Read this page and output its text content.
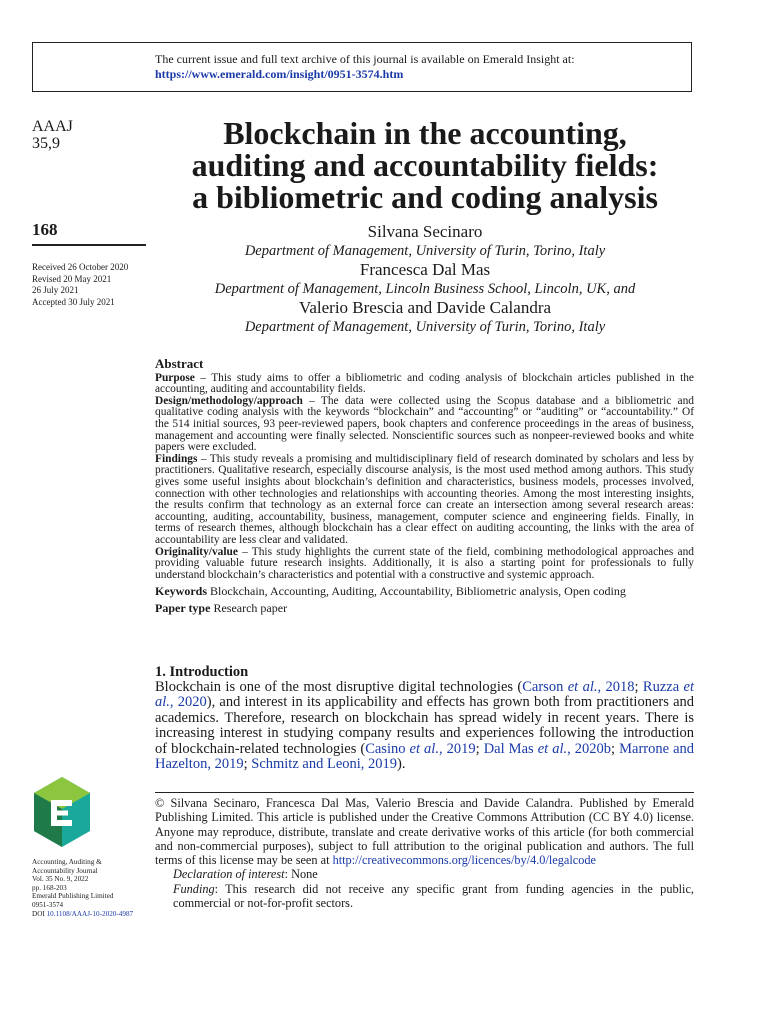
The current issue and full text archive of this journal is available on Emerald Insight at:
https://www.emerald.com/insight/0951-3574.htm
AAAJ
35,9
168
Received 26 October 2020
Revised 20 May 2021
26 July 2021
Accepted 30 July 2021
Blockchain in the accounting,
auditing and accountability fields:
a bibliometric and coding analysis
Silvana Secinaro
Department of Management, University of Turin, Torino, Italy
Francesca Dal Mas
Department of Management, Lincoln Business School, Lincoln, UK, and
Valerio Brescia and Davide Calandra
Department of Management, University of Turin, Torino, Italy
Abstract

Purpose – This study aims to offer a bibliometric and coding analysis of blockchain articles published in the accounting, auditing and accountability fields.

Design/methodology/approach – The data were collected using the Scopus database and a bibliometric and qualitative coding analysis with the keywords “blockchain” and “accounting” or “auditing” or “accountability.” Of the 514 initial sources, 93 peer-reviewed papers, book chapters and conference proceedings in the areas of business, management and accounting were finally selected. Nonscientific sources such as nonpeer-reviewed books and white papers were excluded.

Findings – This study reveals a promising and multidisciplinary field of research dominated by scholars and less by practitioners. Qualitative research, especially discourse analysis, is the most used method among authors. This study gives some useful insights about blockchain’s definition and characteristics, business models, processes involved, connection with other technologies and relationships with accounting theories. Among the most interesting insights, the results confirm that technology as an external force can create an intersection among several research areas: accounting, auditing, accountability, business, management, computer science and engineering fields. Finally, in terms of research themes, although blockchain has a clear effect on auditing accounting, the links with the area of accountability are less clear and validated.

Originality/value – This study highlights the current state of the field, combining methodological approaches and providing valuable future research insights. Additionally, it is also a starting point for professionals to fully understand blockchain’s characteristics and potential with a constructive and systemic approach.

Keywords Blockchain, Accounting, Auditing, Accountability, Bibliometric analysis, Open coding

Paper type Research paper

1. Introduction

Blockchain is one of the most disruptive digital technologies (Carson et al., 2018; Ruzza et al., 2020), and interest in its applicability and effects has grown both from practitioners and academics. Therefore, research on blockchain has spread widely in recent years. There is increasing interest in studying company results and experiences following the introduction of blockchain-related technologies (Casino et al., 2019; Dal Mas et al., 2020b; Marrone and Hazelton, 2019; Schmitz and Leoni, 2019).

© Silvana Secinaro, Francesca Dal Mas, Valerio Brescia and Davide Calandra. Published by Emerald Publishing Limited. This article is published under the Creative Commons Attribution (CC BY 4.0) license. Anyone may reproduce, distribute, translate and create derivative works of this article (for both commercial and non-commercial purposes), subject to full attribution to the original publication and authors. The full terms of this license may be seen at http://creativecommons.org/licences/by/4.0/legalcode

Declaration of interest: None

Funding: This research did not receive any specific grant from funding agencies in the public, commercial or not-for-profit sectors.

Accounting, Auditing &
Accountability Journal
Vol. 35 No. 9, 2022
pp. 168-203
Emerald Publishing Limited
0951-3574
DOI 10.1108/AAAJ-10-2020-4987
